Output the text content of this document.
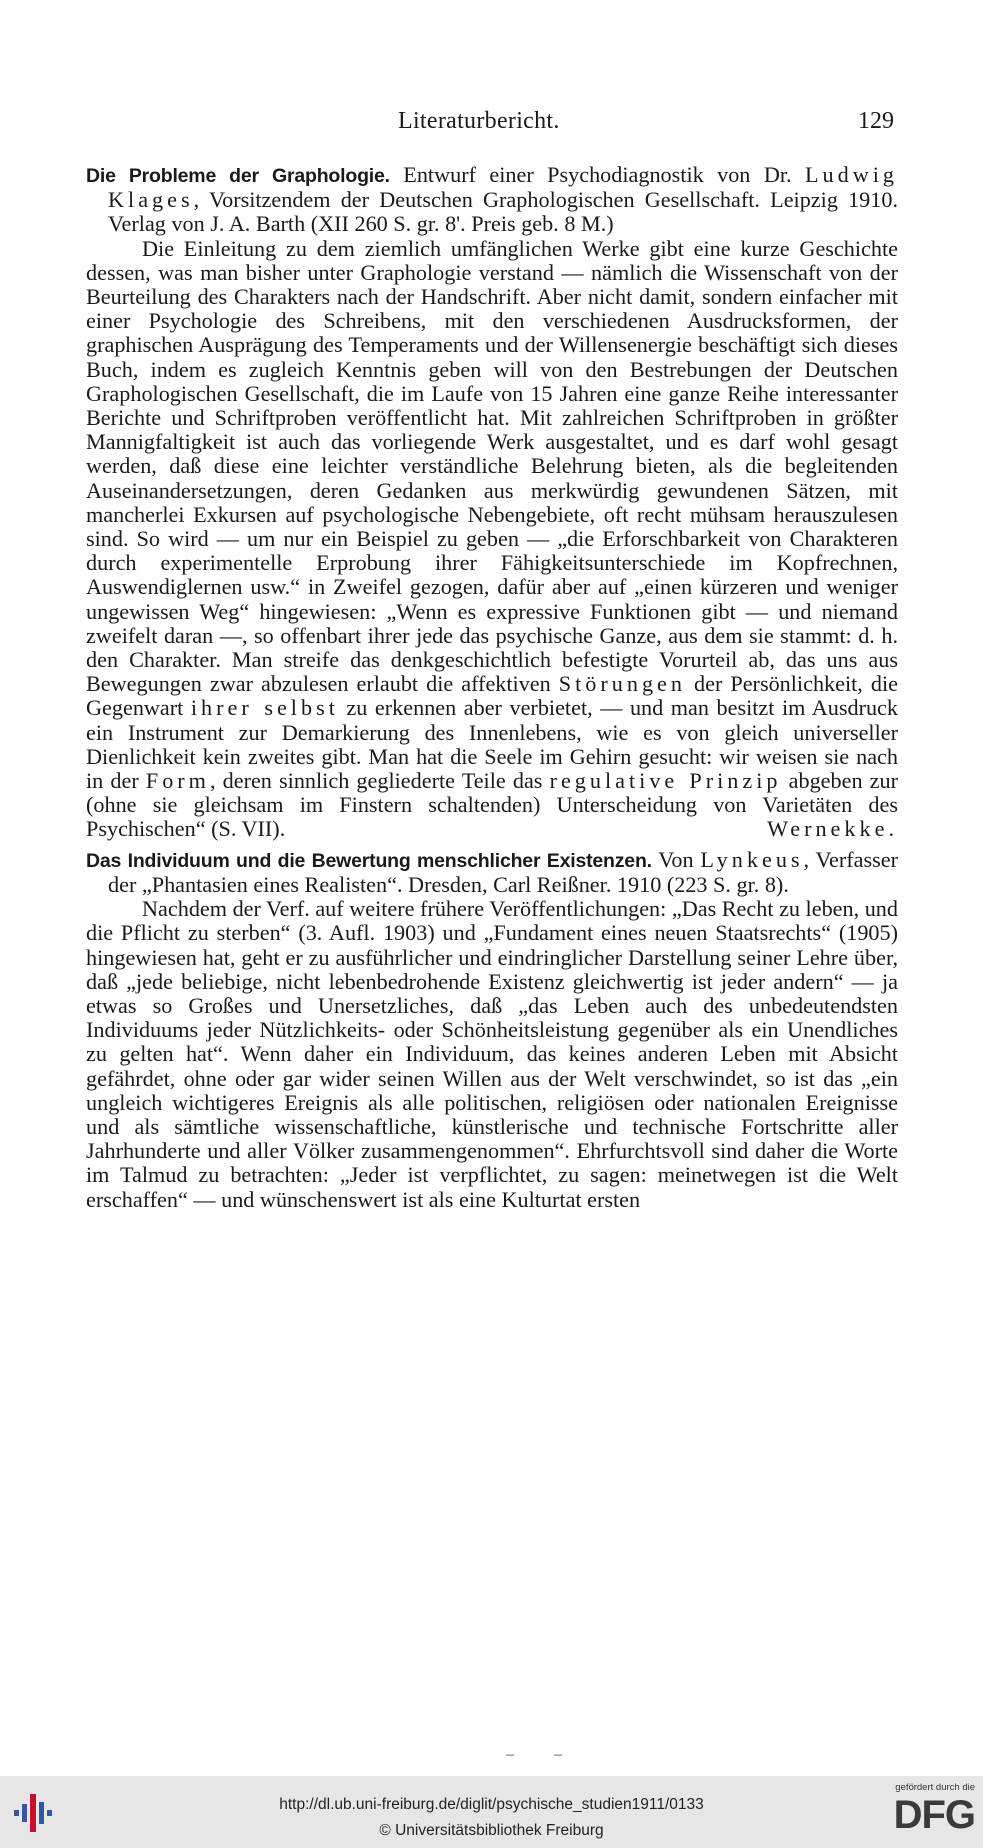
Literaturbericht.	129

Die Probleme der Graphologie. Entwurf einer Psychodiagnostik von Dr. Ludwig Klages, Vorsitzendem der Deutschen Graphologischen Gesellschaft. Leipzig 1910. Verlag von J. A. Barth (XII 260 S. gr. 8'. Preis geb. 8 M.)

Die Einleitung zu dem ziemlich umfänglichen Werke gibt eine kurze Geschichte dessen, was man bisher unter Graphologie verstand — nämlich die Wissenschaft von der Beurteilung des Charakters nach der Handschrift. Aber nicht damit, sondern einfacher mit einer Psychologie des Schreibens, mit den verschiedenen Ausdrucksformen, der graphischen Ausprägung des Temperaments und der Willensenergie beschäftigt sich dieses Buch, indem es zugleich Kenntnis geben will von den Bestrebungen der Deutschen Graphologischen Gesellschaft, die im Laufe von 15 Jahren eine ganze Reihe interessanter Berichte und Schriftproben veröffentlicht hat. Mit zahlreichen Schriftproben in größter Mannigfaltigkeit ist auch das vorliegende Werk ausgestaltet, und es darf wohl gesagt werden, daß diese eine leichter verständliche Belehrung bieten, als die begleitenden Auseinandersetzungen, deren Gedanken aus merkwürdig gewundenen Sätzen, mit mancherlei Exkursen auf psychologische Nebengebiete, oft recht mühsam herauszulesen sind. So wird — um nur ein Beispiel zu geben — „die Erforschbarkeit von Charakteren durch experimentelle Erprobung ihrer Fähigkeitsunterschiede im Kopfrechnen, Auswendiglernen usw.“ in Zweifel gezogen, dafür aber auf „einen kürzeren und weniger ungewissen Weg“ hingewiesen: „Wenn es expressive Funktionen gibt — und niemand zweifelt daran —, so offenbart ihrer jede das psychische Ganze, aus dem sie stammt: d. h. den Charakter. Man streife das denkgeschichtlich befestigte Vorurteil ab, das uns aus Bewegungen zwar abzulesen erlaubt die affektiven Störungen der Persönlichkeit, die Gegenwart ihrer selbst zu erkennen aber verbietet, — und man besitzt im Ausdruck ein Instrument zur Demarkierung des Innenlebens, wie es von gleich universeller Dienlichkeit kein zweites gibt. Man hat die Seele im Gehirn gesucht: wir weisen sie nach in der Form, deren sinnlich gegliederte Teile das regulative Prinzip abgeben zur (ohne sie gleichsam im Finstern schaltenden) Unterscheidung von Varietäten des Psychischen“ (S. VII).	Wernekke.

Das Individuum und die Bewertung menschlicher Existenzen. Von Lynkeus, Verfasser der „Phantasien eines Realisten“. Dresden, Carl Reißner. 1910 (223 S. gr. 8).

Nachdem der Verf. auf weitere frühere Veröffentlichungen: „Das Recht zu leben, und die Pflicht zu sterben“ (3. Aufl. 1903) und „Fundament eines neuen Staatsrechts“ (1905) hingewiesen hat, geht er zu ausführlicher und eindringlicher Darstellung seiner Lehre über, daß „jede beliebige, nicht lebenbedrohende Existenz gleichwertig ist jeder andern“ — ja etwas so Großes und Unersetzliches, daß „das Leben auch des unbedeutendsten Individuums jeder Nützlichkeits- oder Schönheitsleistung gegenüber als ein Unendliches zu gelten hat“. Wenn daher ein Individuum, das keines anderen Leben mit Absicht gefährdet, ohne oder gar wider seinen Willen aus der Welt verschwindet, so ist das „ein ungleich wichtigeres Ereignis als alle politischen, religiösen oder nationalen Ereignisse und als sämtliche wissenschaftliche, künstlerische und technische Fortschritte aller Jahrhunderte und aller Völker zusammengenommen“. Ehrfurchtsvoll sind daher die Worte im Talmud zu betrachten: „Jeder ist verpflichtet, zu sagen: meinetwegen ist die Welt erschaffen“ — und wünschenswert ist als eine Kulturtat ersten

– –
http://dl.ub.uni-freiburg.de/diglit/psychische_studien1911/0133
© Universitätsbibliothek Freiburg
gefördert durch die
DFG
